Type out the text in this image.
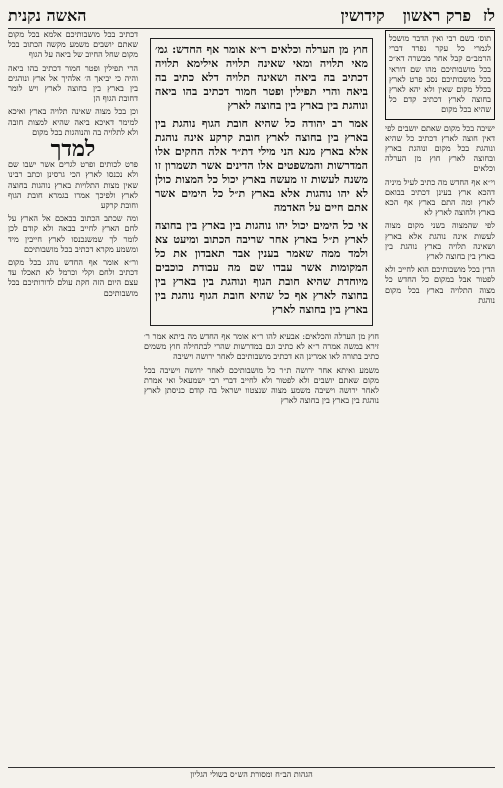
לז
פרק ראשון
קידושין
האשה נקנית
תוס׳ בשם רבי ואין הדבר מושכל לגמרי כל עקר נפרד דברי הרמב״ם קבל אחר מבשרה דא״כ בכל מושבותיכם מהו שם דוראי בכל מושבותיכם נסב פרט לארץ בכלל מקום שאין ולא יהא לארץ בחוצה לארץ דכתיב קדם כל שהיא בכל מקום

ישיבה בכל מקום שאתם יושבים לפי דאין חוצה לארץ דכתיב כל שהיא ונוהגת בכל מקום ונוהגת בארץ ובחוצה לארץ חוץ מן הערלה וכלאים

וי״א אף החדש מה כתיב לעיל מיניה דהכא ארץ בעינן דכתיב בבואם לארץ ומה התם בארץ אף הכא בארץ ולחוצה לארץ לא

לפי שהמצוה בשני מקום מצוה לעשות אינה נוהגת אלא בארץ ושאינה תלויה בארץ נוהגת בין בארץ בין בחוצה לארץ

הדין בכל מושבותיכם הוא לחייב ולא לפטור אבל במקום כל החדש כל מצוה התלויה בארץ בכל מקום נוהגת

חוץ מן הערלה וכלאים ר״א אומר אף החדש: גמ׳ מאי תלויה ומאי שאינה תלויה אילימא תלויה דכתיב בה ביאה ושאינה תלויה דלא כתיב בה ביאה והרי תפילין ופטר חמור דכתיב בהו ביאה ונוהגת בין בארץ בין בחוצה לארץ

אמר רב יהודה כל שהיא חובת הגוף נוהגת בין בארץ בין בחוצה לארץ חובת קרקע אינה נוהגת אלא בארץ מנא הני מילי דת״ר אלה החקים אלו המדרשות והמשפטים אלו הדינים אשר תשמרון זו משנה לעשות זו מעשה בארץ יכול כל המצות כולן לא יהו נוהגות אלא בארץ ת״ל כל הימים אשר אתם חיים על האדמה

אי כל הימים יכול יהו נוהגות בין בארץ בין בחוצה לארץ ת״ל בארץ אחר שריבה הכתוב ומיעט צא ולמד ממה שאמר בענין אבד תאבדון את כל המקומות אשר עבדו שם מה עבודת כוכבים מיוחדת שהיא חובת הגוף ונוהגת בין בארץ בין בחוצה לארץ אף כל שהיא חובת הגוף נוהגת בין בארץ בין בחוצה לארץ

חוץ מן הערלה והכלאים: אבעיא להו ר״א אומר אף החדש מה ביתא אמר ר׳ זירא במשה אמרה ר״א לא כתיב וגם במדרשות שהרי לבתחילה חוץ משמים כתיב בתורה לאו אמרינן הא דכתיב מושבותיכם לאחר ירושה וישיבה

משמע ואיתא אחר ירושה ת״ר כל מושבותיכם לאחר ירושה וישיבה בכל מקום שאתם יושבים ולא לפטור ולא לחייב דברי רבי ישמעאל ואי אמרת לאחר ירושה וישיבה משמע מצוה שנצטוו ישראל בה קודם כניסתן לארץ נוהגת בין בארץ בין בחוצה לארץ

דכתיב בכל מושבותיכם אלמא בכל מקום שאתם יושבים משמע מקשה הכתוב בכל מקום שחל החיוב של ביאה על הגוף

הרי תפילין ופטר חמור דכתיב בהו ביאה והיה כי יביאך ה׳ אלהיך אל ארץ ונוהגים בין בארץ בין בחוצה לארץ ויש לומר דחובת הגוף הן

וכן בכל מצוה שאינה תלויה בארץ ואיכא למימר דאיכא ביאה שהיא למצות חובה ולא לתלויה בה והנוהגות בכל מקום

למדך

פרט לכותים ופרט לגרים אשר ישבו שם ולא נכנסו לארץ הכי גרסינן וכתב רבינו שאין מצות התלויות בארץ נוהגות בחוצה לארץ ולפיכך אמרו בגמרא חובת הגוף וחובת קרקע

ומה שכתב הכתוב בבאכם אל הארץ על לחם הארץ לחייב בבאה ולא קודם לכן לומר לך שמשנכנסו לארץ חייבין מיד ומשמע מקרא דכתיב בכל מושבותיכם

ור״א אומר אף החדש נוהג בכל מקום דכתיב ולחם וקלי וכרמל לא תאכלו עד עצם היום הזה חקת עולם לדורותיכם בכל מושבותיכם

הגהות הב״ח ומסורת הש״ס בשולי הגליון
